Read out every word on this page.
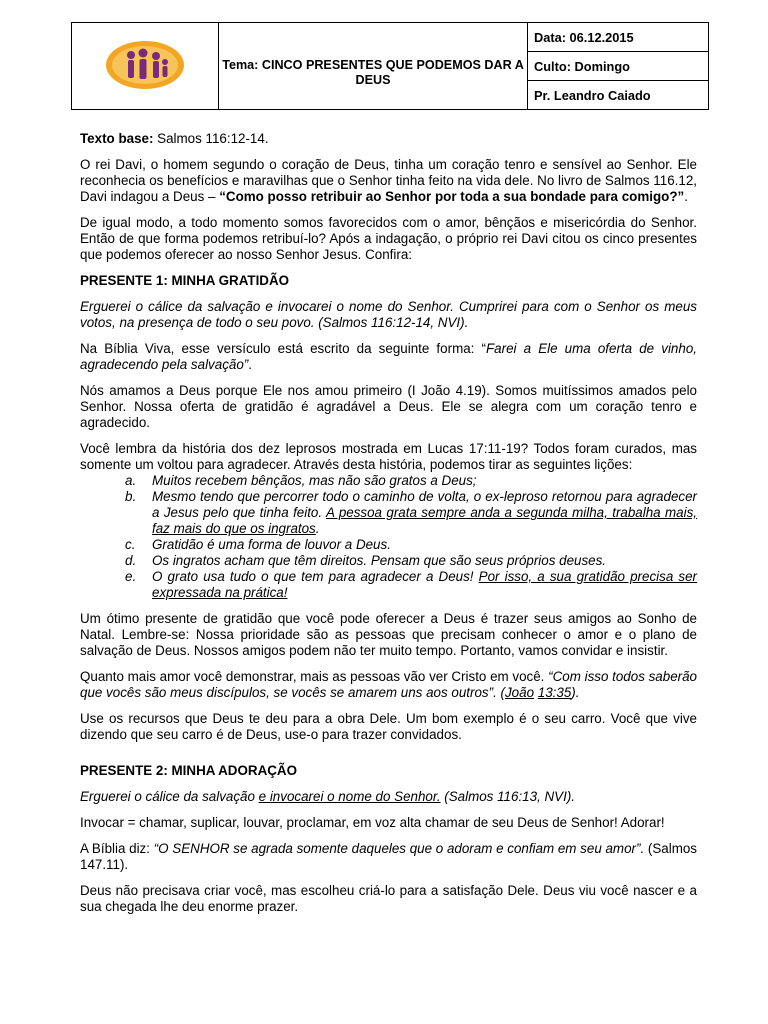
	Tema: CINCO PRESENTES QUE PODEMOS DAR A DEUS	Data: 06.12.2015
Culto: Domingo
Pr. Leandro Caiado

Texto base: Salmos 116:12-14.

O rei Davi, o homem segundo o coração de Deus, tinha um coração tenro e sensível ao Senhor. Ele reconhecia os benefícios e maravilhas que o Senhor tinha feito na vida dele. No livro de Salmos 116.12, Davi indagou a Deus – “Como posso retribuir ao Senhor por toda a sua bondade para comigo?”.

De igual modo, a todo momento somos favorecidos com o amor, bênçãos e misericórdia do Senhor. Então de que forma podemos retribuí-lo? Após a indagação, o próprio rei Davi citou os cinco presentes que podemos oferecer ao nosso Senhor Jesus. Confira:

PRESENTE 1: MINHA GRATIDÃO

Erguerei o cálice da salvação e invocarei o nome do Senhor. Cumprirei para com o Senhor os meus votos, na presença de todo o seu povo. (Salmos 116:12-14, NVI).

Na Bíblia Viva, esse versículo está escrito da seguinte forma: “Farei a Ele uma oferta de vinho, agradecendo pela salvação”.

Nós amamos a Deus porque Ele nos amou primeiro (I João 4.19). Somos muitíssimos amados pelo Senhor. Nossa oferta de gratidão é agradável a Deus. Ele se alegra com um coração tenro e agradecido.

Você lembra da história dos dez leprosos mostrada em Lucas 17:11-19? Todos foram curados, mas somente um voltou para agradecer. Através desta história, podemos tirar as seguintes lições:

a. Muitos recebem bênçãos, mas não são gratos a Deus;
b. Mesmo tendo que percorrer todo o caminho de volta, o ex-leproso retornou para agradecer a Jesus pelo que tinha feito. A pessoa grata sempre anda a segunda milha, trabalha mais, faz mais do que os ingratos.
c. Gratidão é uma forma de louvor a Deus.
d. Os ingratos acham que têm direitos. Pensam que são seus próprios deuses.
e. O grato usa tudo o que tem para agradecer a Deus! Por isso, a sua gratidão precisa ser expressada na prática!

Um ótimo presente de gratidão que você pode oferecer a Deus é trazer seus amigos ao Sonho de Natal. Lembre-se: Nossa prioridade são as pessoas que precisam conhecer o amor e o plano de salvação de Deus. Nossos amigos podem não ter muito tempo. Portanto, vamos convidar e insistir.

Quanto mais amor você demonstrar, mais as pessoas vão ver Cristo em você. “Com isso todos saberão que vocês são meus discípulos, se vocês se amarem uns aos outros”. (João 13:35).

Use os recursos que Deus te deu para a obra Dele. Um bom exemplo é o seu carro. Você que vive dizendo que seu carro é de Deus, use-o para trazer convidados.

PRESENTE 2: MINHA ADORAÇÃO

Erguerei o cálice da salvação e invocarei o nome do Senhor. (Salmos 116:13, NVI).

Invocar = chamar, suplicar, louvar, proclamar, em voz alta chamar de seu Deus de Senhor! Adorar!

A Bíblia diz: “O SENHOR se agrada somente daqueles que o adoram e confiam em seu amor”. (Salmos 147.11).

Deus não precisava criar você, mas escolheu criá-lo para a satisfação Dele. Deus viu você nascer e a sua chegada lhe deu enorme prazer.
